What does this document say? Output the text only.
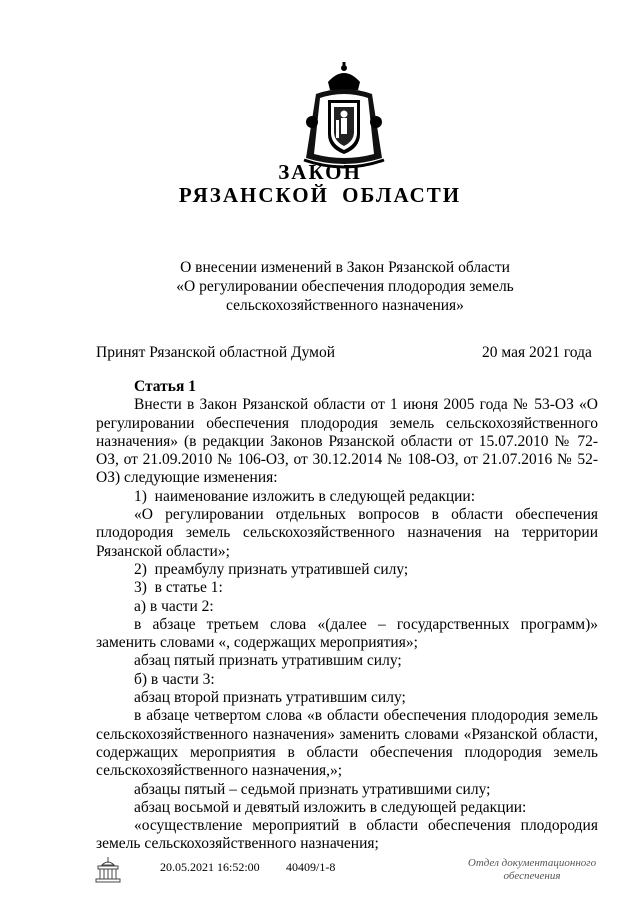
ЗАКОН
РЯЗАНСКОЙ ОБЛАСТИ
О внесении изменений в Закон Рязанской области
«О регулировании обеспечения плодородия земель
сельскохозяйственного назначения»
Принят Рязанской областной Думой	20 мая 2021 года
Статья 1
Внести в Закон Рязанской области от 1 июня 2005 года № 53-ОЗ «О регулировании обеспечения плодородия земель сельскохозяйственного назначения» (в редакции Законов Рязанской области от 15.07.2010 № 72-ОЗ, от 21.09.2010 № 106-ОЗ, от 30.12.2014 № 108-ОЗ, от 21.07.2016 № 52-ОЗ) следующие изменения:
1)  наименование изложить в следующей редакции:
«О регулировании отдельных вопросов в области обеспечения плодородия земель сельскохозяйственного назначения на территории Рязанской области»;
2)  преамбулу признать утратившей силу;
3)  в статье 1:
а) в части 2:
в абзаце третьем слова «(далее – государственных программ)» заменить словами «, содержащих мероприятия»;
абзац пятый признать утратившим силу;
б) в части 3:
абзац второй признать утратившим силу;
в абзаце четвертом слова «в области обеспечения плодородия земель сельскохозяйственного назначения» заменить словами «Рязанской области, содержащих мероприятия в области обеспечения плодородия земель сельскохозяйственного назначения,»;
абзацы пятый – седьмой признать утратившими силу;
абзац восьмой и девятый изложить в следующей редакции:
«осуществление мероприятий в области обеспечения плодородия земель сельскохозяйственного назначения;
20.05.2021 16:52:00 40409/1-8	Отдел документационного
обеспечения
